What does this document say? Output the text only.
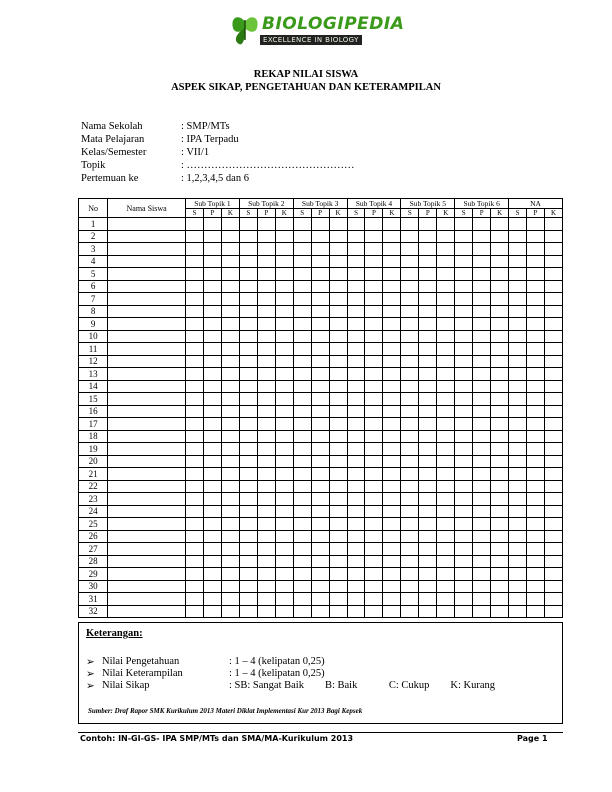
BIOLOGIPEDIA
EXCELLENCE IN BIOLOGY
REKAP NILAI SISWA
ASPEK SIKAP, PENGETAHUAN DAN KETERAMPILAN
Nama Sekolah	: SMP/MTs
Mata Pelajaran	: IPA Terpadu
Kelas/Semester	: VII/1
Topik	: …………………………………………
Pertemuan ke	: 1,2,3,4,5 dan 6
No	Nama Siswa	Sub Topik 1			Sub Topik 2			Sub Topik 3			Sub Topik 4			Sub Topik 5			Sub Topik 6			NA		
		S	P	K	S	P	K	S	P	K	S	P	K	S	P	K	S	P	K	S	P	K
1																						
2																						
3																						
4																						
5																						
6																						
7																						
8																						
9																						
10																						
11																						
12																						
13																						
14																						
15																						
16																						
17																						
18																						
19																						
20																						
21																						
22																						
23																						
24																						
25																						
26																						
27																						
28																						
29																						
30																						
31																						
32																						
Keterangan:
➢ Nilai Pengetahuan	: 1 – 4 (kelipatan 0,25)
➢ Nilai Keterampilan	: 1 – 4 (kelipatan 0,25)
➢ Nilai Sikap	: SB: Sangat Baik        B: Baik            C: Cukup        K: Kurang
Sumber: Draf Rapor SMK Kurikulum 2013 Materi Diklat Implementasi Kur 2013 Bagi Kepsek
Contoh: IN-GI-GS- IPA SMP/MTs dan SMA/MA-Kurikulum 2013	Page 1
